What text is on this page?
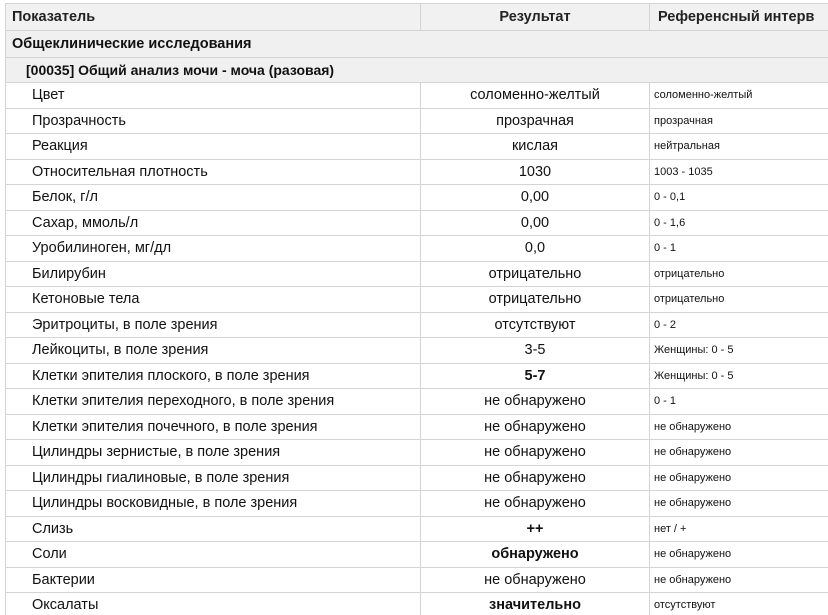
Показатель	Результат	Референсный интерв
Общеклинические исследования		
[00035] Общий анализ мочи - моча (разовая)		
Цвет	соломенно-желтый	соломенно-желтый
Прозрачность	прозрачная	прозрачная
Реакция	кислая	нейтральная
Относительная плотность	1030	1003 - 1035
Белок, г/л	0,00	0 - 0,1
Сахар, ммоль/л	0,00	0 - 1,6
Уробилиноген, мг/дл	0,0	0 - 1
Билирубин	отрицательно	отрицательно
Кетоновые тела	отрицательно	отрицательно
Эритроциты, в поле зрения	отсутствуют	0 - 2
Лейкоциты, в поле зрения	3-5	Женщины: 0 - 5
Клетки эпителия плоского, в поле зрения	5-7	Женщины: 0 - 5
Клетки эпителия переходного, в поле зрения	не обнаружено	0 - 1
Клетки эпителия почечного, в поле зрения	не обнаружено	не обнаружено
Цилиндры зернистые, в поле зрения	не обнаружено	не обнаружено
Цилиндры гиалиновые, в поле зрения	не обнаружено	не обнаружено
Цилиндры восковидные, в поле зрения	не обнаружено	не обнаружено
Слизь	++	нет / +
Соли	обнаружено	не обнаружено
Бактерии	не обнаружено	не обнаружено
Оксалаты	значительно	отсутствуют
